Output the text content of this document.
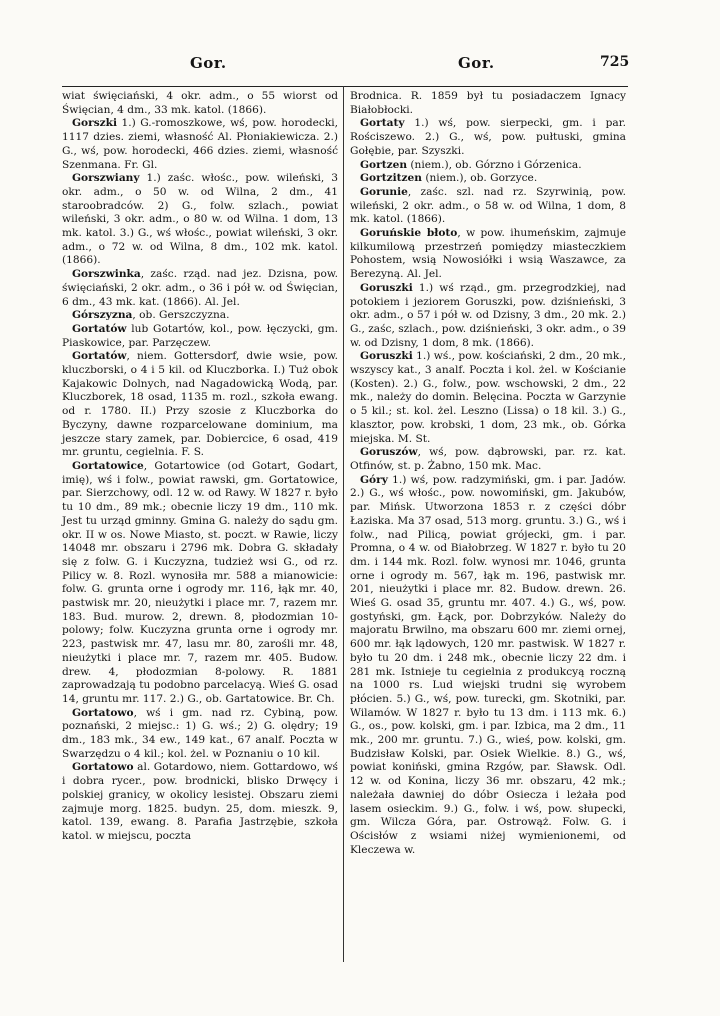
Gor.	Gor.	725

wiat święciański, 4 okr. adm., o 55 wiorst od Święcian, 4 dm., 33 mk. katol. (1866).

Gorszki 1.) G.-romoszkowe, wś, pow. horodecki, 1117 dzies. ziemi, własność Al. Płoniakiewicza. 2.) G., wś, pow. horodecki, 466 dzies. ziemi, własność Szenmana. Fr. Gl.

Gorszwiany 1.) zaśc. włośc., pow. wileński, 3 okr. adm., o 50 w. od Wilna, 2 dm., 41 staroobradców. 2) G., folw. szlach., powiat wileński, 3 okr. adm., o 80 w. od Wilna. 1 dom, 13 mk. katol. 3.) G., wś włośc., powiat wileński, 3 okr. adm., o 72 w. od Wilna, 8 dm., 102 mk. katol. (1866).

Gorszwinka, zaśc. rząd. nad jez. Dzisna, pow. święciański, 2 okr. adm., o 36 i pół w. od Święcian, 6 dm., 43 mk. kat. (1866). Al. Jel.

Górszyzna, ob. Gerszczyzna.

Gortatów lub Gotartów, kol., pow. łęczycki, gm. Piaskowice, par. Parzęczew.

Gortatów, niem. Gottersdorf, dwie wsie, pow. kluczborski, o 4 i 5 kil. od Kluczborka. I.) Tuż obok Kajakowic Dolnych, nad Nagadowicką Wodą, par. Kluczborek, 18 osad, 1135 m. rozl., szkoła ewang. od r. 1780. II.) Przy szosie z Kluczborka do Byczyny, dawne rozparcelowane dominium, ma jeszcze stary zamek, par. Dobiercice, 6 osad, 419 mr. gruntu, cegielnia. F. S.

Gortatowice, Gotartowice (od Gotart, Godart, imię), wś i folw., powiat rawski, gm. Gortatowice, par. Sierzchowy, odl. 12 w. od Rawy. W 1827 r. było tu 10 dm., 89 mk.; obecnie liczy 19 dm., 110 mk. Jest tu urząd gminny. Gmina G. należy do sądu gm. okr. II w os. Nowe Miasto, st. poczt. w Rawie, liczy 14048 mr. obszaru i 2796 mk. Dobra G. składały się z folw. G. i Kuczyzna, tudzież wsi G., od rz. Pilicy w. 8. Rozl. wynosiła mr. 588 a mianowicie: folw. G. grunta orne i ogrody mr. 116, łąk mr. 40, pastwisk mr. 20, nieużytki i place mr. 7, razem mr. 183. Bud. murow. 2, drewn. 8, płodozmian 10-polowy; folw. Kuczyzna grunta orne i ogrody mr. 223, pastwisk mr. 47, lasu mr. 80, zarośli mr. 48, nieużytki i place mr. 7, razem mr. 405. Budow. drew. 4, płodozmian 8-polowy. R. 1881 zaprowadzają tu podobno parcelacyą. Wieś G. osad 14, gruntu mr. 117. 2.) G., ob. Gartatowice. Br. Ch.

Gortatowo, wś i gm. nad rz. Cybiną, pow. poznański, 2 miejsc.: 1) G. wś.; 2) G. olędry; 19 dm., 183 mk., 34 ew., 149 kat., 67 analf. Poczta w Swarzędzu o 4 kil.; kol. żel. w Poznaniu o 10 kil.

Gortatowo al. Gotardowo, niem. Gottardowo, wś i dobra rycer., pow. brodnicki, blisko Drwęcy i polskiej granicy, w okolicy lesistej. Obszaru ziemi zajmuje morg. 1825. budyn. 25, dom. mieszk. 9, katol. 139, ewang. 8. Parafia Jastrzębie, szkoła katol. w miejscu, poczta

Brodnica. R. 1859 był tu posiadaczem Ignacy Białobłocki.

Gortaty 1.) wś, pow. sierpecki, gm. i par. Rościszewo. 2.) G., wś, pow. pułtuski, gmina Gołębie, par. Szyszki.

Gortzen (niem.), ob. Górzno i Górzenica.

Gortzitzen (niem.), ob. Gorzyce.

Gorunie, zaśc. szl. nad rz. Szyrwinią, pow. wileński, 2 okr. adm., o 58 w. od Wilna, 1 dom, 8 mk. katol. (1866).

Goruńskie błoto, w pow. ihumeńskim, zajmuje kilkumilową przestrzeń pomiędzy miasteczkiem Pohostem, wsią Nowosiółki i wsią Waszawce, za Berezyną. Al. Jel.

Goruszki 1.) wś rząd., gm. przegrodzkiej, nad potokiem i jeziorem Goruszki, pow. dziśnieński, 3 okr. adm., o 57 i pół w. od Dzisny, 3 dm., 20 mk. 2.) G., zaśc, szlach., pow. dziśnieński, 3 okr. adm., o 39 w. od Dzisny, 1 dom, 8 mk. (1866).

Goruszki 1.) wś., pow. kościański, 2 dm., 20 mk., wszyscy kat., 3 analf. Poczta i kol. żel. w Kościanie (Kosten). 2.) G., folw., pow. wschowski, 2 dm., 22 mk., należy do domin. Belęcina. Poczta w Garzynie o 5 kil.; st. kol. żel. Leszno (Lissa) o 18 kil. 3.) G., klasztor, pow. krobski, 1 dom, 23 mk., ob. Górka miejska. M. St.

Goruszów, wś, pow. dąbrowski, par. rz. kat. Otfinów, st. p. Żabno, 150 mk. Mac.

Góry 1.) wś, pow. radzymiński, gm. i par. Jadów. 2.) G., wś włośc., pow. nowomiński, gm. Jakubów, par. Mińsk. Utworzona 1853 r. z części dóbr Łaziska. Ma 37 osad, 513 morg. gruntu. 3.) G., wś i folw., nad Pilicą, powiat grójecki, gm. i par. Promna, o 4 w. od Białobrzeg. W 1827 r. było tu 20 dm. i 144 mk. Rozl. folw. wynosi mr. 1046, grunta orne i ogrody m. 567, łąk m. 196, pastwisk mr. 201, nieużytki i place mr. 82. Budow. drewn. 26. Wieś G. osad 35, gruntu mr. 407. 4.) G., wś, pow. gostyński, gm. Łąck, por. Dobrzyków. Należy do majoratu Brwilno, ma obszaru 600 mr. ziemi ornej, 600 mr. łąk lądowych, 120 mr. pastwisk. W 1827 r. było tu 20 dm. i 248 mk., obecnie liczy 22 dm. i 281 mk. Istnieje tu cegielnia z produkcyą roczną na 1000 rs. Lud wiejski trudni się wyrobem płócien. 5.) G., wś, pow. turecki, gm. Skotniki, par. Wilamów. W 1827 r. było tu 13 dm. i 113 mk. 6.) G., os., pow. kolski, gm. i par. Izbica, ma 2 dm., 11 mk., 200 mr. gruntu. 7.) G., wieś, pow. kolski, gm. Budzisław Kolski, par. Osiek Wielkie. 8.) G., wś, powiat koniński, gmina Rzgów, par. Sławsk. Odl. 12 w. od Konina, liczy 36 mr. obszaru, 42 mk.; należała dawniej do dóbr Osiecza i leżała pod lasem osieckim. 9.) G., folw. i wś, pow. słupecki, gm. Wilcza Góra, par. Ostrowąż. Folw. G. i Ościsłów z wsiami niżej wymienionemi, od Kleczewa w.
